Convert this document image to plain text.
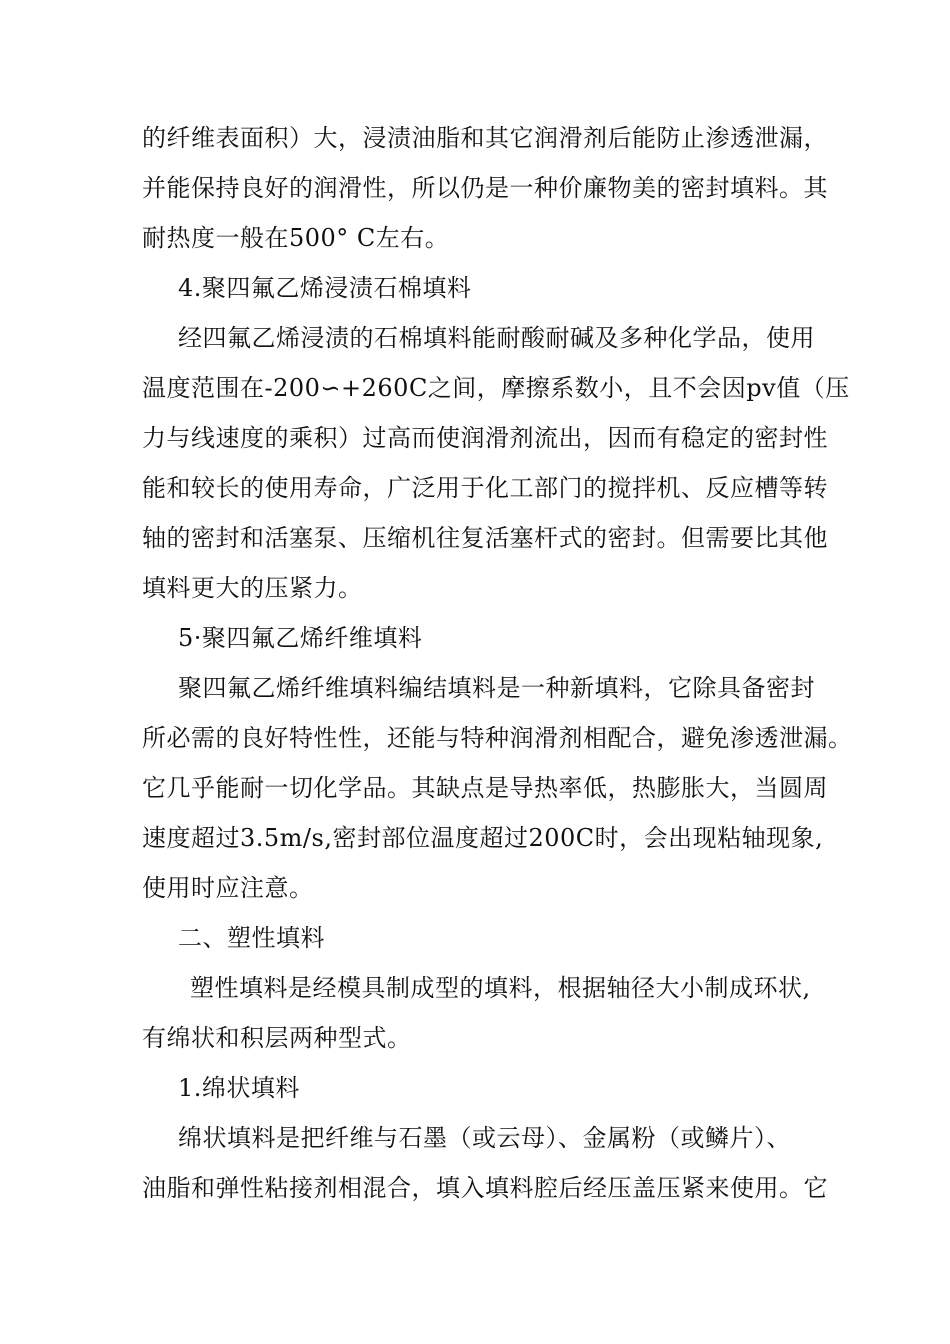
的纤维表面积）大，浸渍油脂和其它润滑剂后能防止渗透泄漏，
并能保持良好的润滑性，所以仍是一种价廉物美的密封填料。其
耐热度一般在500° C左右。
4.聚四氟乙烯浸渍石棉填料
经四氟乙烯浸渍的石棉填料能耐酸耐碱及多种化学品，使用
温度范围在-200∽+260C之间，摩擦系数小，且不会因pv值（压
力与线速度的乘积）过高而使润滑剂流出，因而有稳定的密封性
能和较长的使用寿命，广泛用于化工部门的搅拌机、反应槽等转
轴的密封和活塞泵、压缩机往复活塞杆式的密封。但需要比其他
填料更大的压紧力。
5·聚四氟乙烯纤维填料
聚四氟乙烯纤维填料编结填料是一种新填料，它除具备密封
所必需的良好特性性，还能与特种润滑剂相配合，避免渗透泄漏。
它几乎能耐一切化学品。其缺点是导热率低，热膨胀大，当圆周
速度超过3.5m/s,密封部位温度超过200C时，会出现粘轴现象,
使用时应注意。
二、塑性填料
塑性填料是经模具制成型的填料，根据轴径大小制成环状,
有绵状和积层两种型式。
1.绵状填料
绵状填料是把纤维与石墨（或云母）、金属粉（或鳞片）、
油脂和弹性粘接剂相混合，填入填料腔后经压盖压紧来使用。它
